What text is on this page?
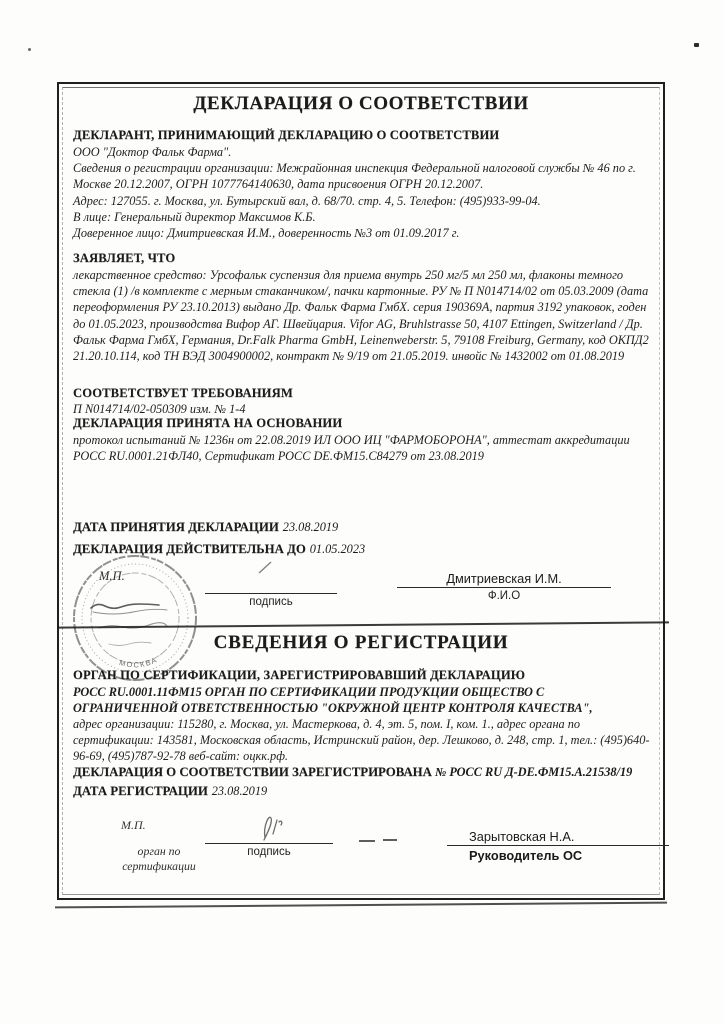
ДЕКЛАРАЦИЯ О СООТВЕТСТВИИ
ДЕКЛАРАНТ, ПРИНИМАЮЩИЙ ДЕКЛАРАЦИЮ О СООТВЕТСТВИИ
ООО "Доктор Фальк Фарма".
Сведения о регистрации организации: Межрайонная инспекция Федеральной налоговой службы № 46 по г. Москве 20.12.2007, ОГРН 1077764140630, дата присвоения ОГРН 20.12.2007.
Адрес: 127055. г. Москва, ул. Бутырский вал, д. 68/70. стр. 4, 5. Телефон: (495)933-99-04.
В лице: Генеральный директор Максимов К.Б.
Доверенное лицо: Дмитриевская И.М., доверенность №3 от 01.09.2017 г.
ЗАЯВЛЯЕТ, ЧТО
лекарственное средство: Урсофальк суспензия для приема внутрь 250 мг/5 мл 250 мл, флаконы темного стекла (1) /в комплекте с мерным стаканчиком/, пачки картонные. РУ № П N014714/02 от 05.03.2009 (дата переоформления РУ 23.10.2013) выдано Др. Фальк Фарма ГмбХ. серия 190369А, партия 3192 упаковок, годен до 01.05.2023, производства Вифор АГ. Швейцария. Vifor AG, Bruhlstrasse 50, 4107 Ettingen, Switzerland / Др. Фальк Фарма ГмбХ, Германия, Dr.Falk Pharma GmbH, Leinenweberstr. 5, 79108 Freiburg, Germany, код ОКПД2 21.20.10.114, код ТН ВЭД 3004900002, контракт № 9/19 от 21.05.2019. инвойс № 1432002 от 01.08.2019
СООТВЕТСТВУЕТ ТРЕБОВАНИЯМ
П N014714/02-050309 изм. № 1-4
ДЕКЛАРАЦИЯ ПРИНЯТА НА ОСНОВАНИИ
протокол испытаний № 1236н от 22.08.2019 ИЛ ООО ИЦ "ФАРМОБОРОНА", аттестат аккредитации РОСС RU.0001.21ФЛ40, Сертификат РОСС DE.ФМ15.С84279 от 23.08.2019
ДАТА ПРИНЯТИЯ ДЕКЛАРАЦИИ 23.08.2019
ДЕКЛАРАЦИЯ ДЕЙСТВИТЕЛЬНА ДО 01.05.2023
МОСКВА
М.П.
подпись
Дмитриевская И.М.
Ф.И.О
СВЕДЕНИЯ О РЕГИСТРАЦИИ
ОРГАН ПО СЕРТИФИКАЦИИ, ЗАРЕГИСТРИРОВАВШИЙ ДЕКЛАРАЦИЮ
РОСС RU.0001.11ФМ15 ОРГАН ПО СЕРТИФИКАЦИИ ПРОДУКЦИИ ОБЩЕСТВО С ОГРАНИЧЕННОЙ ОТВЕТСТВЕННОСТЬЮ "ОКРУЖНОЙ ЦЕНТР КОНТРОЛЯ КАЧЕСТВА",
адрес организации: 115280, г. Москва, ул. Мастеркова, д. 4, эт. 5, пом. I, ком. 1., адрес органа по сертификации: 143581, Московская область, Истринский район, дер. Лешково, д. 248, стр. 1, тел.: (495)640-96-69, (495)787-92-78 веб-сайт: оцкк.рф.
ДЕКЛАРАЦИЯ О СООТВЕТСТВИИ ЗАРЕГИСТРИРОВАНА № РОСС RU Д-DE.ФМ15.А.21538/19
ДАТА РЕГИСТРАЦИИ 23.08.2019
М.П.
орган по сертификации
подпись
Зарытовская Н.А.
Руководитель ОС
